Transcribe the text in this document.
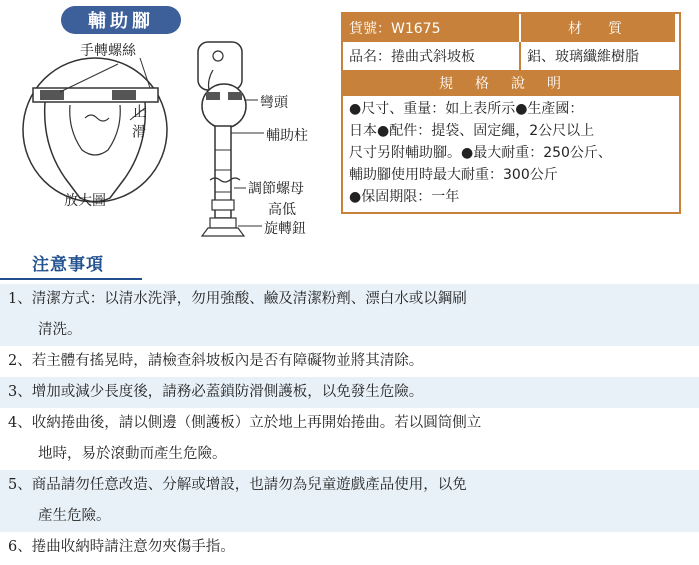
輔助腳
手轉螺絲
止滑
放大圖
彎頭
輔助柱
調節螺母
高低
旋轉鈕
貨號：W1675	材　質
品名：捲曲式斜坡板	鋁、玻璃纖維樹脂
規格說明
●尺寸、重量：如上表所示●生產國：
日本●配件：提袋、固定繩，2公尺以上
尺寸另附輔助腳。●最大耐重：250公斤、
輔助腳使用時最大耐重：300公斤
●保固期限：一年
注意事項
1、清潔方式：以清水洗淨，勿用強酸、鹼及清潔粉劑、漂白水或以鋼刷
清洗。
2、若主體有搖晃時，請檢查斜坡板內是否有障礙物並將其清除。
3、增加或減少長度後，請務必蓋鎖防滑側護板，以免發生危險。
4、收納捲曲後，請以側邊（側護板）立於地上再開始捲曲。若以圓筒側立
地時，易於滾動而產生危險。
5、商品請勿任意改造、分解或增設，也請勿為兒童遊戲產品使用，以免
產生危險。
6、捲曲收納時請注意勿夾傷手指。
